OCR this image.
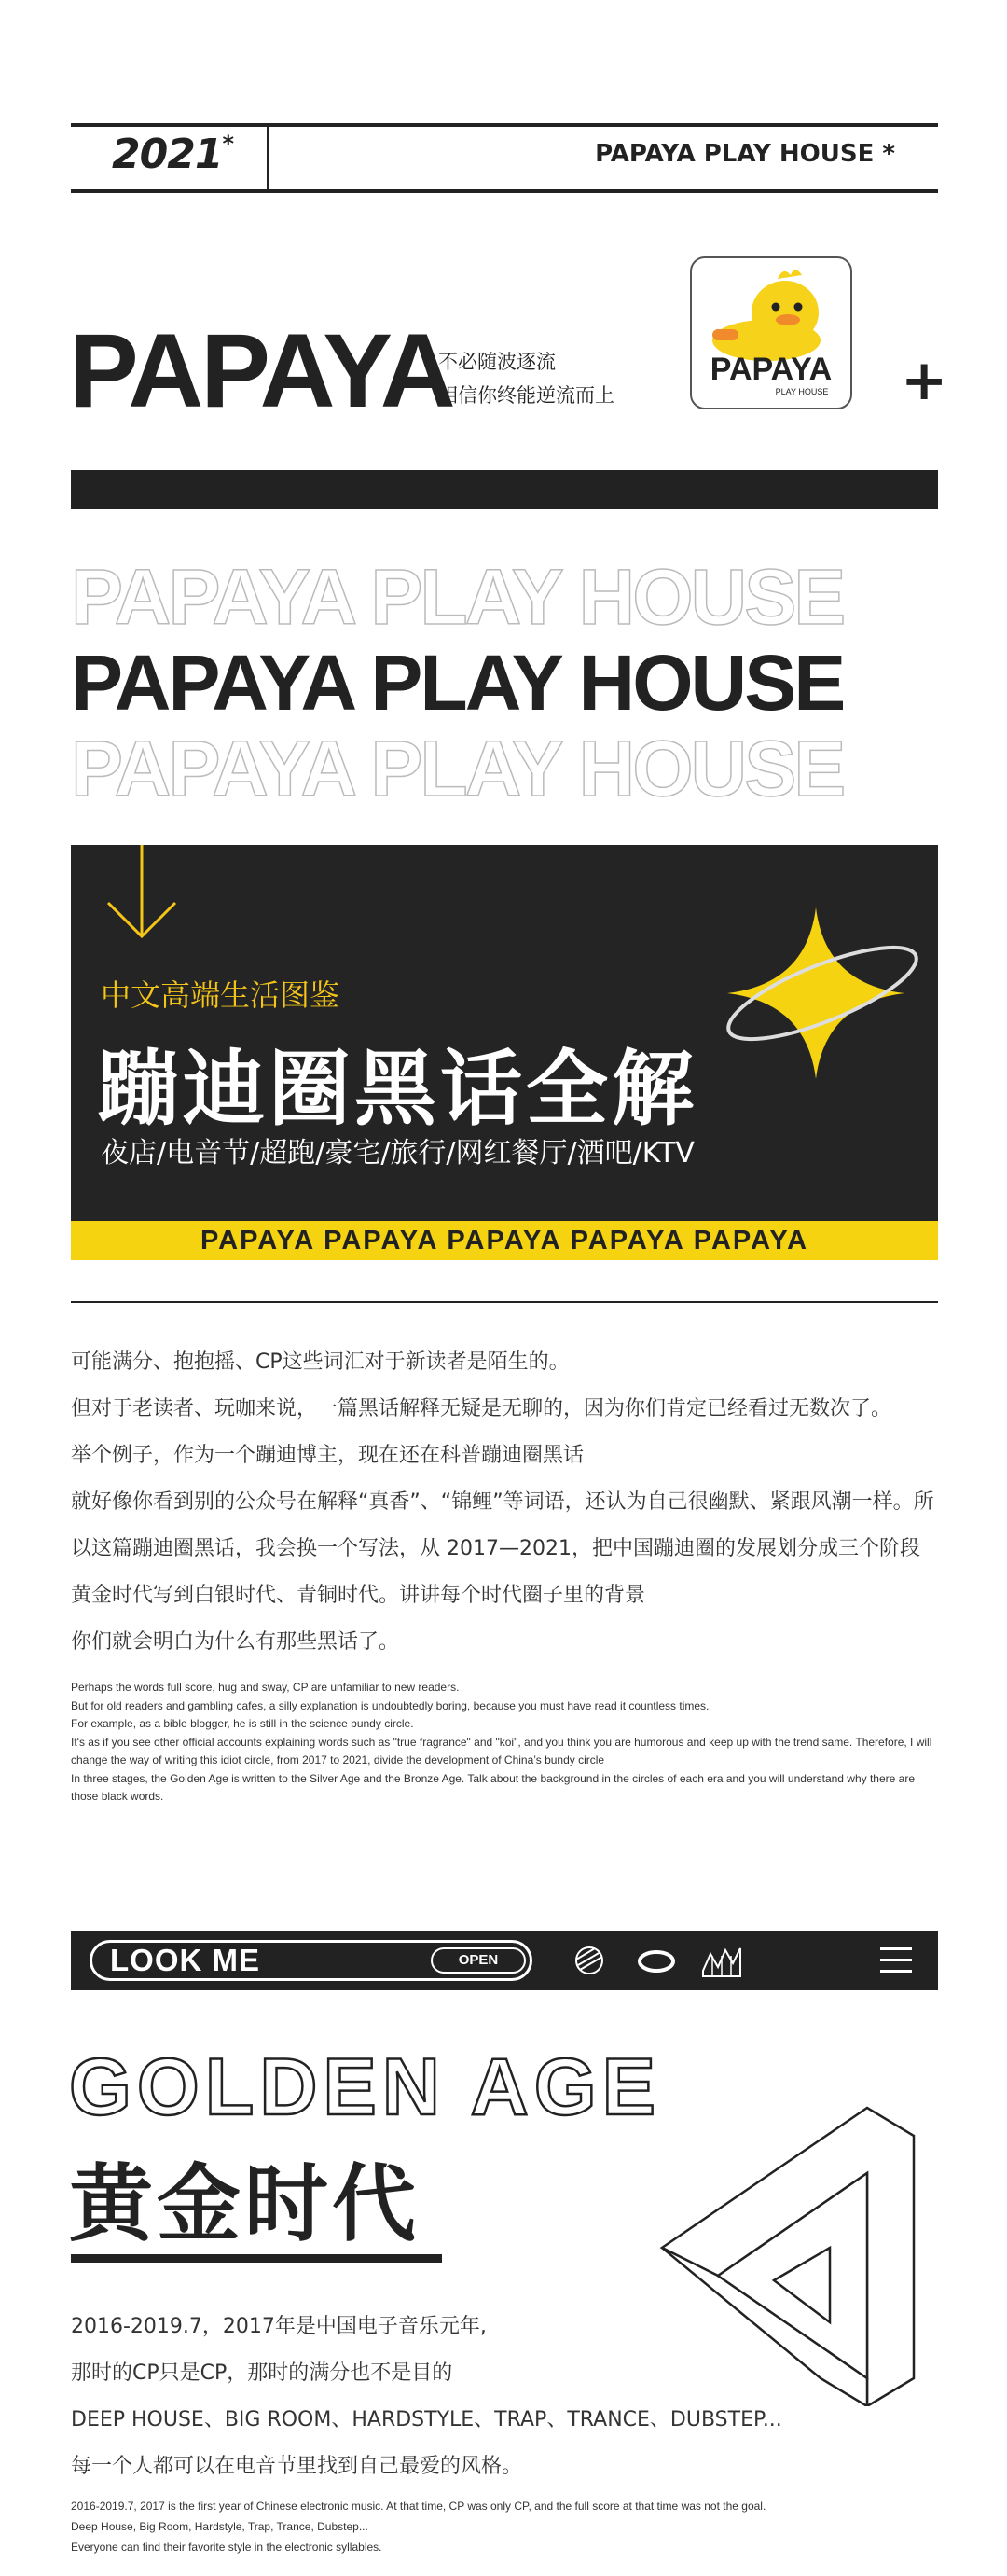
2021*	PAPAYA PLAY HOUSE *
PAPAYA
不必随波逐流
相信你终能逆流而上
PAPAYA
PLAY HOUSE +
PAPAYA PLAY HOUSE
PAPAYA PLAY HOUSE
PAPAYA PLAY HOUSE
中文高端生活图鉴
蹦迪圈黑话全解
夜店/电音节/超跑/豪宅/旅行/网红餐厅/酒吧/KTV
PAPAYA PAPAYA PAPAYA PAPAYA PAPAYA

可能满分、抱抱摇、CP这些词汇对于新读者是陌生的。

但对于老读者、玩咖来说，一篇黑话解释无疑是无聊的，因为你们肯定已经看过无数次了。

举个例子，作为一个蹦迪博主，现在还在科普蹦迪圈黑话

就好像你看到别的公众号在解释“真香”、“锦鲤”等词语，还认为自己很幽默、紧跟风潮一样。所以这篇蹦迪圈黑话，我会换一个写法，从 2017—2021，把中国蹦迪圈的发展划分成三个阶段黄金时代写到白银时代、青铜时代。讲讲每个时代圈子里的背景

你们就会明白为什么有那些黑话了。

Perhaps the words full score, hug and sway, CP are unfamiliar to new readers.

But for old readers and gambling cafes, a silly explanation is undoubtedly boring, because you must have read it countless times.

For example, as a bible blogger, he is still in the science bundy circle.

It's as if you see other official accounts explaining words such as "true fragrance" and "koi", and you think you are humorous and keep up with the trend same. Therefore, I will change the way of writing this idiot circle, from 2017 to 2021, divide the development of China’s bundy circle

In three stages, the Golden Age is written to the Silver Age and the Bronze Age. Talk about the background in the circles of each era and you will understand why there are those black words.

LOOK ME	OPEN
GOLDEN AGE
黄金时代

2016-2019.7，2017年是中国电子音乐元年,

那时的CP只是CP，那时的满分也不是目的

DEEP HOUSE、BIG ROOM、HARDSTYLE、TRAP、TRANCE、DUBSTEP...

每一个人都可以在电音节里找到自己最爱的风格。

2016-2019.7, 2017 is the first year of Chinese electronic music. At that time, CP was only CP, and the full score at that time was not the goal.

Deep House, Big Room, Hardstyle, Trap, Trance, Dubstep...

Everyone can find their favorite style in the electronic syllables.
